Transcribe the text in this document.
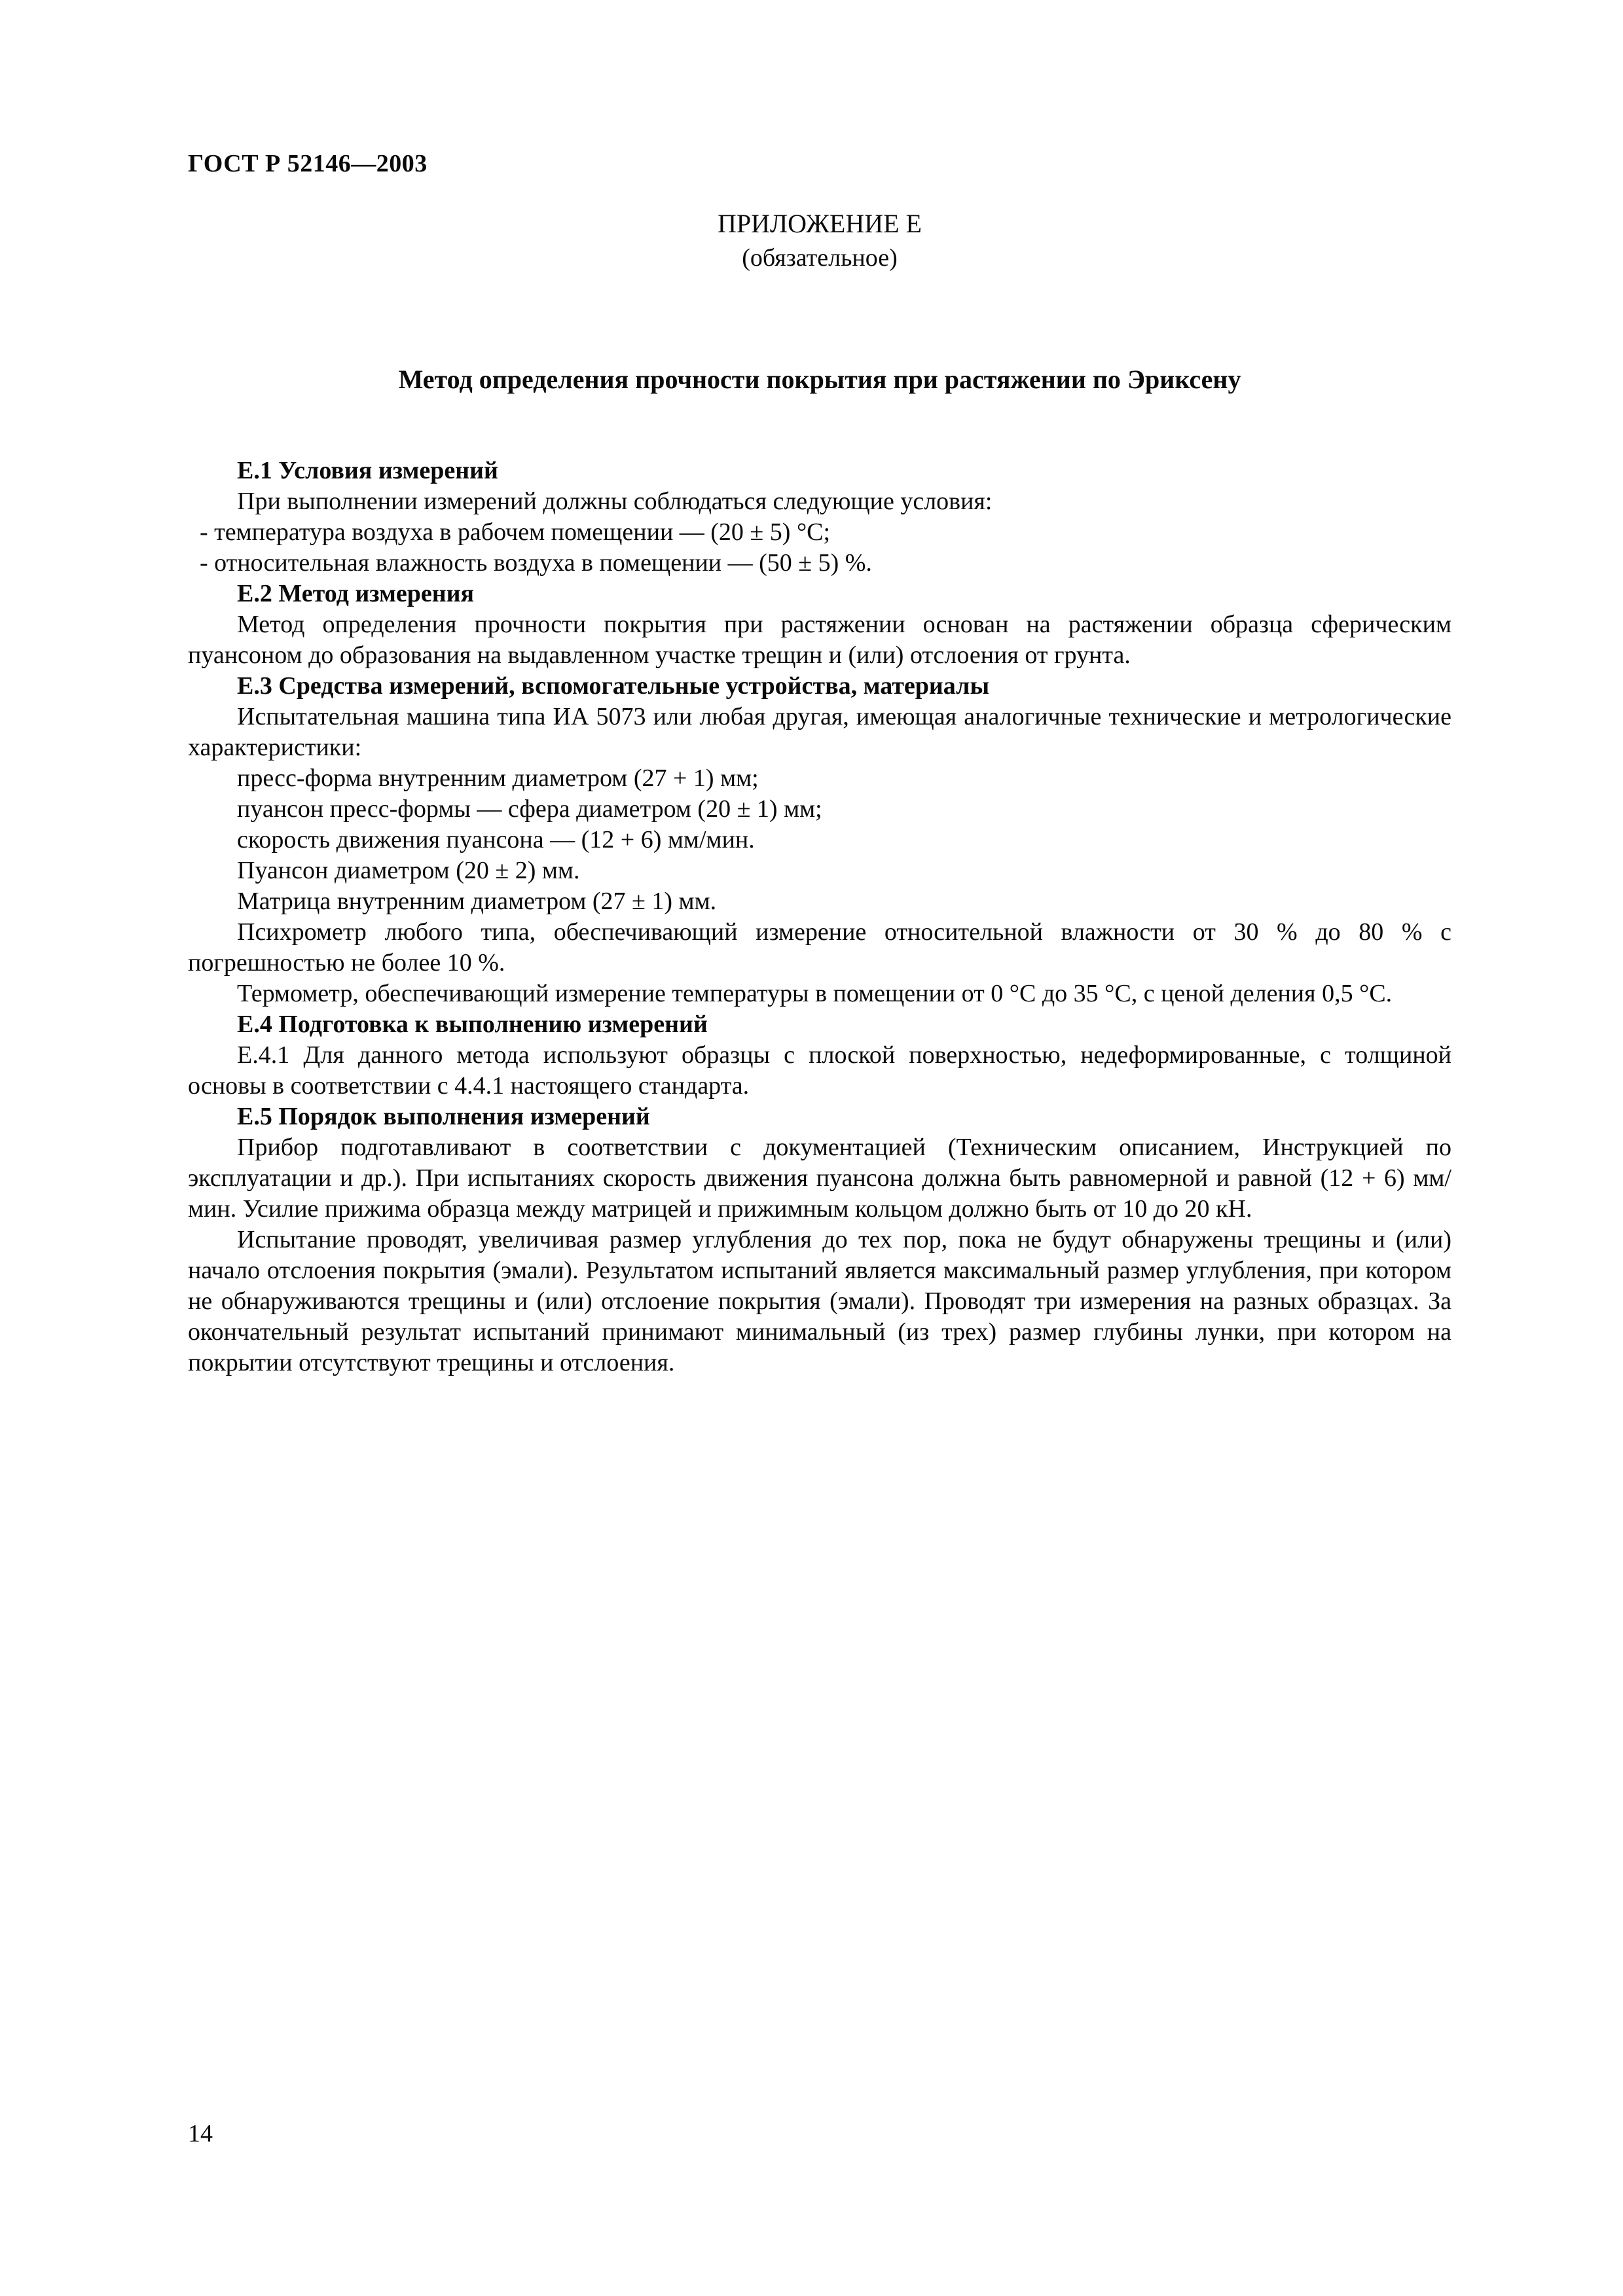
ГОСТ Р 52146—2003
ПРИЛОЖЕНИЕ Е
(обязательное)
Метод определения прочности покрытия при растяжении по Эриксену

Е.1 Условия измерений

При выполнении измерений должны соблюдаться следующие условия:

- температура воздуха в рабочем помещении — (20 ± 5) °С;

- относительная влажность воздуха в помещении — (50 ± 5) %.

Е.2 Метод измерения

Метод определения прочности покрытия при растяжении основан на растяжении образца сферическим пуансоном до образования на выдавленном участке трещин и (или) отслоения от грунта.

Е.3 Средства измерений, вспомогательные устройства, материалы

Испытательная машина типа ИА 5073 или любая другая, имеющая аналогичные технические и метрологические характеристики:

пресс-форма внутренним диаметром (27 + 1) мм;

пуансон пресс-формы — сфера диаметром (20 ± 1) мм;

скорость движения пуансона — (12 + 6) мм/мин.

Пуансон диаметром (20 ± 2) мм.

Матрица внутренним диаметром (27 ± 1) мм.

Психрометр любого типа, обеспечивающий измерение относительной влажности от 30 % до 80 % с погрешностью не более 10 %.

Термометр, обеспечивающий измерение температуры в помещении от 0 °С до 35 °С, с ценой деления 0,5 °С.

Е.4 Подготовка к выполнению измерений

Е.4.1 Для данного метода используют образцы с плоской поверхностью, недеформированные, с толщиной основы в соответствии с 4.4.1 настоящего стандарта.

Е.5 Порядок выполнения измерений

Прибор подготавливают в соответствии с документацией (Техническим описанием, Инструкцией по эксплуатации и др.). При испытаниях скорость движения пуансона должна быть равномерной и равной (12 + 6) мм/мин. Усилие прижима образца между матрицей и прижимным кольцом должно быть от 10 до 20 кН.

Испытание проводят, увеличивая размер углубления до тех пор, пока не будут обнаружены трещины и (или) начало отслоения покрытия (эмали). Результатом испытаний является максимальный размер углубления, при котором не обнаруживаются трещины и (или) отслоение покрытия (эмали). Проводят три измерения на разных образцах. За окончательный результат испытаний принимают минимальный (из трех) размер глубины лунки, при котором на покрытии отсутствуют трещины и отслоения.

14
